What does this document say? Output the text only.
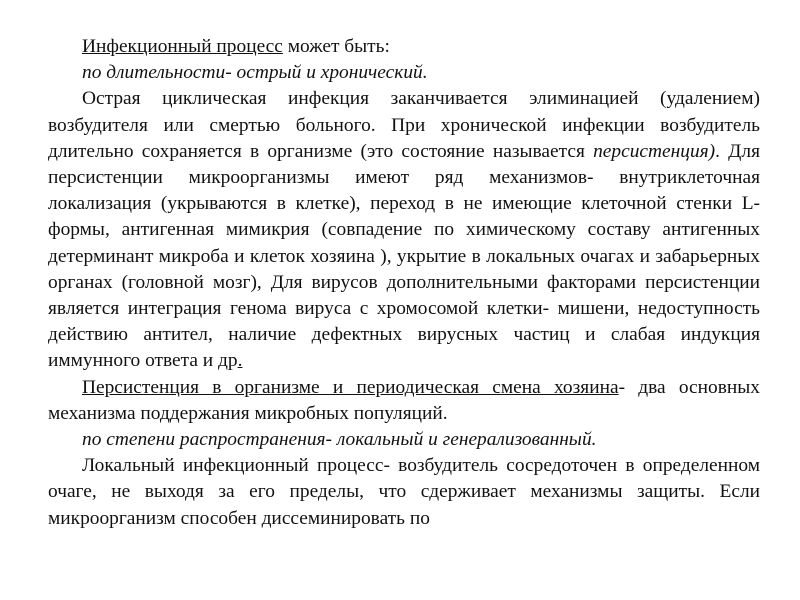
Инфекционный процесс может быть:

по длительности- острый и хронический.

Острая циклическая инфекция заканчивается элиминацией (удалением) возбудителя или смертью больного. При хронической инфекции возбудитель длительно сохраняется в организме (это состояние называется персистенция). Для персистенции микроорганизмы имеют ряд механизмов- внутриклеточная локализация (укрываются в клетке), переход в не имеющие клеточной стенки L- формы, антигенная мимикрия (совпадение по химическому составу антигенных детерминант микроба и клеток хозяина ), укрытие в локальных очагах и забарьерных органах (головной мозг), Для вирусов дополнительными факторами персистенции является интеграция генома вируса с хромосомой клетки- мишени, недоступность действию антител, наличие дефектных вирусных частиц и слабая индукция иммунного ответа и др.

Персистенция в организме и периодическая смена хозяина- два основных механизма поддержания микробных популяций.

по степени распространения- локальный и генерализованный.

Локальный инфекционный процесс- возбудитель сосредоточен в определенном очаге, не выходя за его пределы, что сдерживает механизмы защиты. Если микроорганизм способен диссеминировать по
